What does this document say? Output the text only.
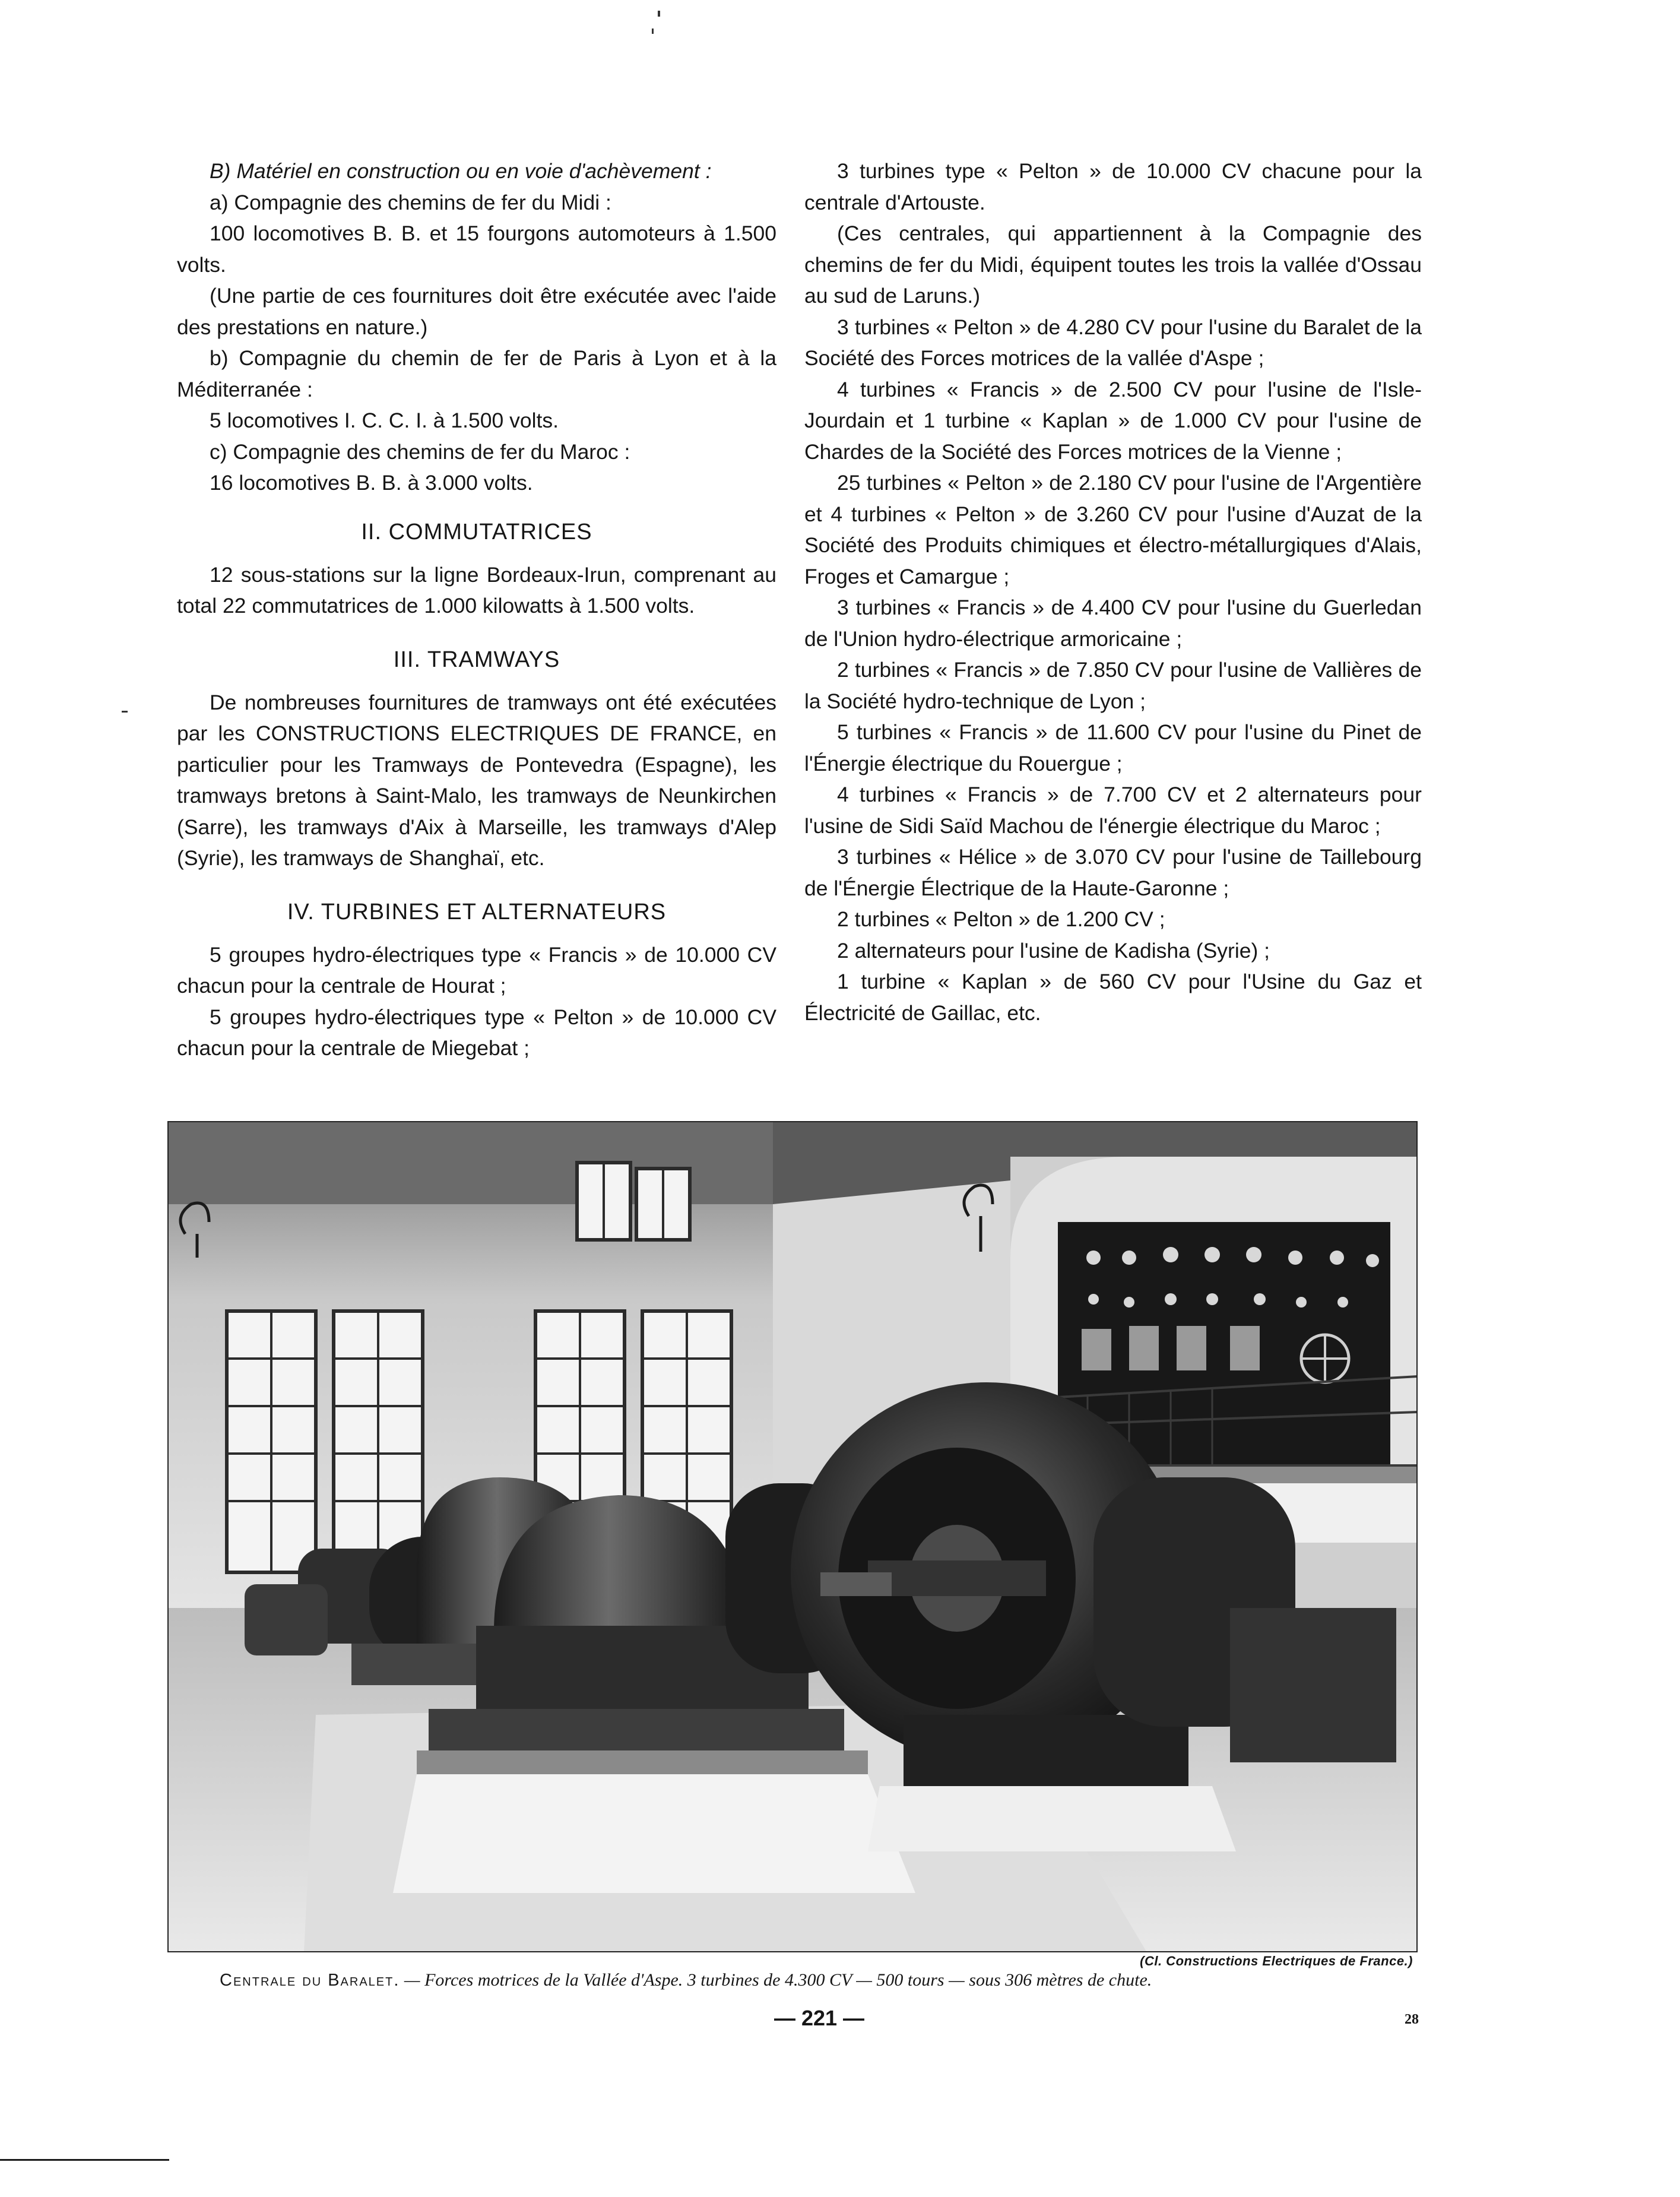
B) Matériel en construction ou en voie d'achèvement :

a) Compagnie des chemins de fer du Midi :

100 locomotives B. B. et 15 fourgons automoteurs à 1.500 volts.

(Une partie de ces fournitures doit être exécutée avec l'aide des prestations en nature.)

b) Compagnie du chemin de fer de Paris à Lyon et à la Méditerranée :

5 locomotives I. C. C. I. à 1.500 volts.

c) Compagnie des chemins de fer du Maroc :

16 locomotives B. B. à 3.000 volts.

II. COMMUTATRICES

12 sous-stations sur la ligne Bordeaux-Irun, comprenant au total 22 commutatrices de 1.000 kilowatts à 1.500 volts.

III. TRAMWAYS

De nombreuses fournitures de tramways ont été exécutées par les CONSTRUCTIONS ELECTRIQUES DE FRANCE, en particulier pour les Tramways de Pontevedra (Espagne), les tramways bretons à Saint-Malo, les tramways de Neunkirchen (Sarre), les tramways d'Aix à Marseille, les tramways d'Alep (Syrie), les tramways de Shanghaï, etc.

IV. TURBINES ET ALTERNATEURS

5 groupes hydro-électriques type « Francis » de 10.000 CV chacun pour la centrale de Hourat ;

5 groupes hydro-électriques type « Pelton » de 10.000 CV chacun pour la centrale de Miegebat ;

3 turbines type « Pelton » de 10.000 CV chacune pour la centrale d'Artouste.

(Ces centrales, qui appartiennent à la Compagnie des chemins de fer du Midi, équipent toutes les trois la vallée d'Ossau au sud de Laruns.)

3 turbines « Pelton » de 4.280 CV pour l'usine du Baralet de la Société des Forces motrices de la vallée d'Aspe ;

4 turbines « Francis » de 2.500 CV pour l'usine de l'Isle-Jourdain et 1 turbine « Kaplan » de 1.000 CV pour l'usine de Chardes de la Société des Forces motrices de la Vienne ;

25 turbines « Pelton » de 2.180 CV pour l'usine de l'Argentière et 4 turbines « Pelton » de 3.260 CV pour l'usine d'Auzat de la Société des Produits chimiques et électro-métallurgiques d'Alais, Froges et Camargue ;

3 turbines « Francis » de 4.400 CV pour l'usine du Guerledan de l'Union hydro-électrique armoricaine ;

2 turbines « Francis » de 7.850 CV pour l'usine de Vallières de la Société hydro-technique de Lyon ;

5 turbines « Francis » de 11.600 CV pour l'usine du Pinet de l'Énergie électrique du Rouergue ;

4 turbines « Francis » de 7.700 CV et 2 alternateurs pour l'usine de Sidi Saïd Machou de l'énergie électrique du Maroc ;

3 turbines « Hélice » de 3.070 CV pour l'usine de Taillebourg de l'Énergie Électrique de la Haute-Garonne ;

2 turbines « Pelton » de 1.200 CV ;

2 alternateurs pour l'usine de Kadisha (Syrie) ;

1 turbine « Kaplan » de 560 CV pour l'Usine du Gaz et Électricité de Gaillac, etc.

(Cl. Constructions Electriques de France.)
Centrale du Baralet. — Forces motrices de la Vallée d'Aspe. 3 turbines de 4.300 CV — 500 tours — sous 306 mètres de chute.
— 221 —	28
